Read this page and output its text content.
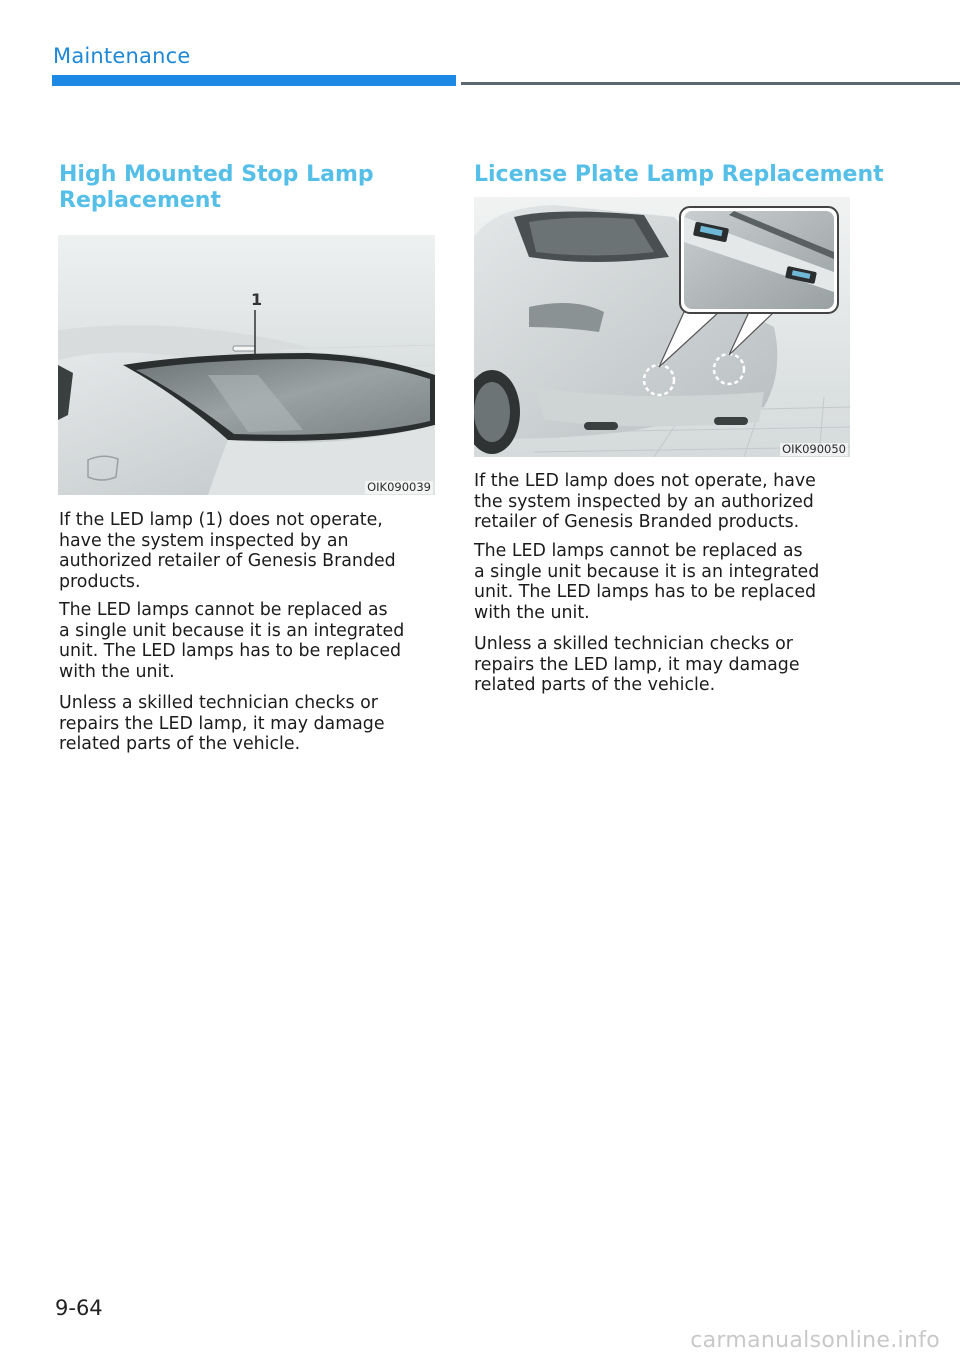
Maintenance
High Mounted Stop Lamp
Replacement
1
OIK090039

If the LED lamp (1) does not operate,
have the system inspected by an
authorized retailer of Genesis Branded
products.

The LED lamps cannot be replaced as
a single unit because it is an integrated
unit. The LED lamps has to be replaced
with the unit.

Unless a skilled technician checks or
repairs the LED lamp, it may damage
related parts of the vehicle.

License Plate Lamp Replacement
OIK090050

If the LED lamp does not operate, have
the system inspected by an authorized
retailer of Genesis Branded products.

The LED lamps cannot be replaced as
a single unit because it is an integrated
unit. The LED lamps has to be replaced
with the unit.

Unless a skilled technician checks or
repairs the LED lamp, it may damage
related parts of the vehicle.

9-64
carmanualsonline.info
